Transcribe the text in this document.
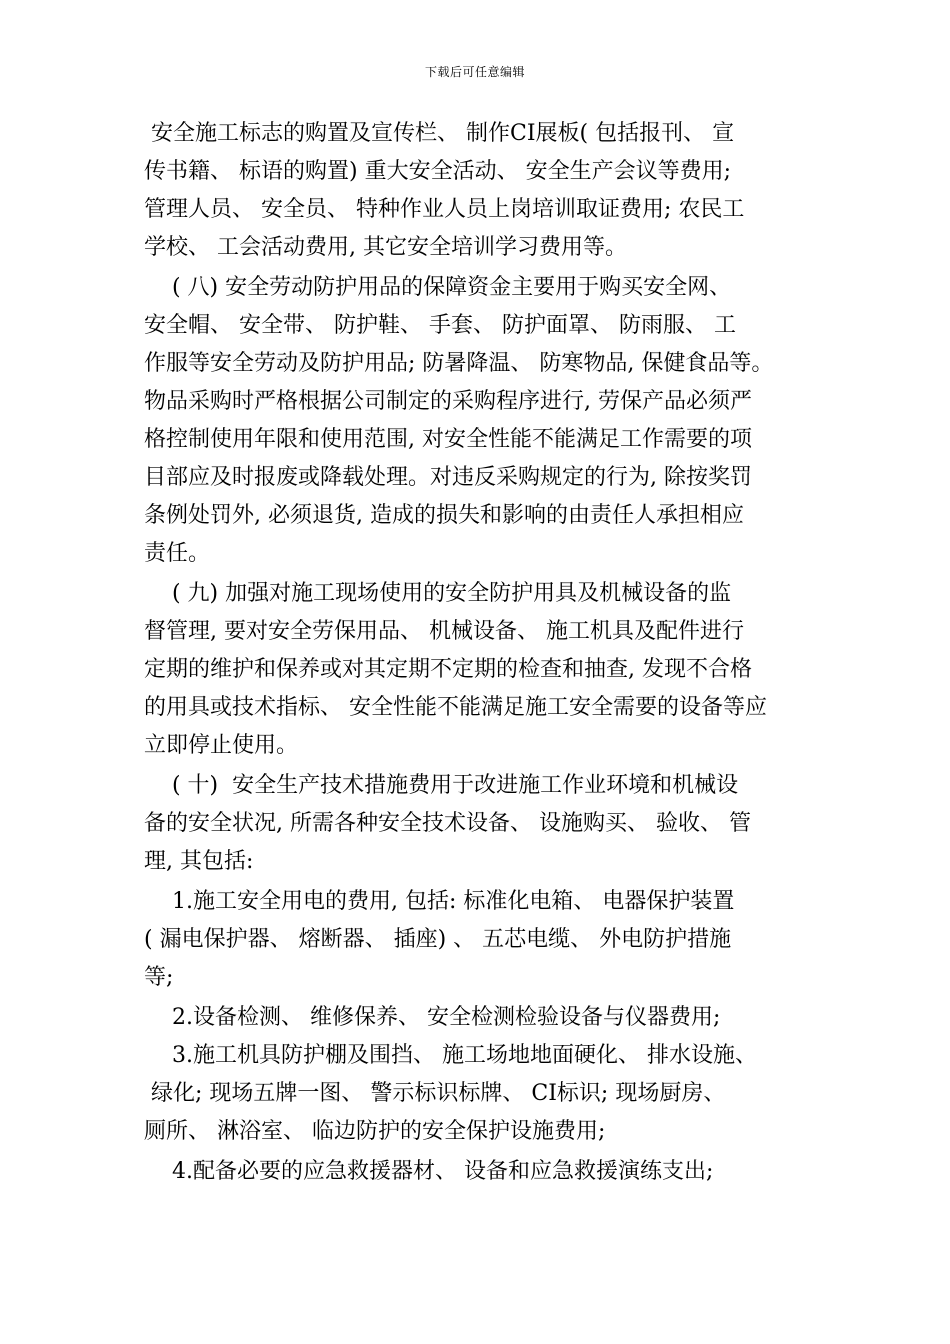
下载后可任意编辑
安全施工标志的购置及宣传栏、 制作CI展板( 包括报刊、 宣
传书籍、 标语的购置) 重大安全活动、 安全生产会议等费用;
管理人员、 安全员、 特种作业人员上岗培训取证费用; 农民工
学校、 工会活动费用, 其它安全培训学习费用等。
( 八) 安全劳动防护用品的保障资金主要用于购买安全网、
安全帽、 安全带、 防护鞋、 手套、 防护面罩、 防雨服、 工
作服等安全劳动及防护用品; 防暑降温、 防寒物品, 保健食品等。
物品采购时严格根据公司制定的采购程序进行, 劳保产品必须严
格控制使用年限和使用范围, 对安全性能不能满足工作需要的项
目部应及时报废或降载处理。对违反采购规定的行为, 除按奖罚
条例处罚外, 必须退货, 造成的损失和影响的由责任人承担相应
责任。
( 九) 加强对施工现场使用的安全防护用具及机械设备的监
督管理, 要对安全劳保用品、 机械设备、 施工机具及配件进行
定期的维护和保养或对其定期不定期的检查和抽查, 发现不合格
的用具或技术指标、 安全性能不能满足施工安全需要的设备等应
立即停止使用。
( 十)  安全生产技术措施费用于改进施工作业环境和机械设
备的安全状况, 所需各种安全技术设备、 设施购买、 验收、 管
理, 其包括:
1.施工安全用电的费用, 包括: 标准化电箱、 电器保护装置
( 漏电保护器、 熔断器、 插座) 、 五芯电缆、 外电防护措施
等;
2.设备检测、 维修保养、 安全检测检验设备与仪器费用;
3.施工机具防护棚及围挡、 施工场地地面硬化、 排水设施、
绿化; 现场五牌一图、 警示标识标牌、 CI标识; 现场厨房、
厕所、 淋浴室、 临边防护的安全保护设施费用;
4.配备必要的应急救援器材、 设备和应急救援演练支出;
